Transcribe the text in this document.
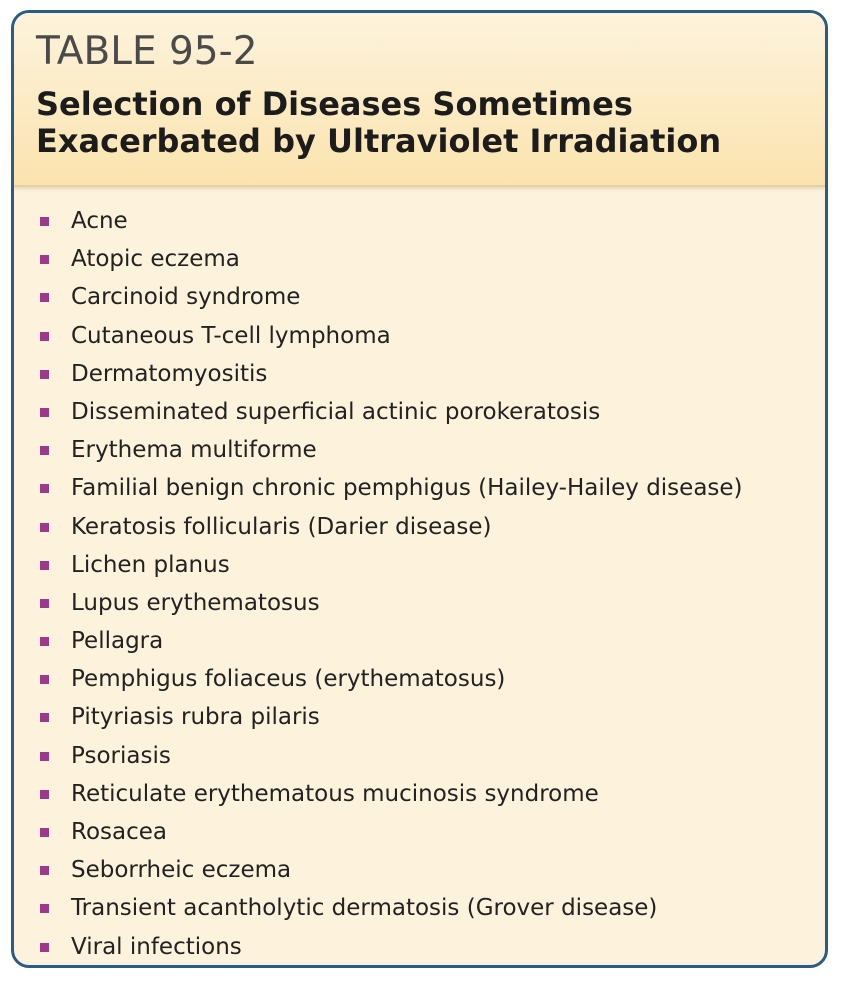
TABLE 95-2
Selection of Diseases Sometimes Exacerbated by Ultraviolet Irradiation
Acne
Atopic eczema
Carcinoid syndrome
Cutaneous T-cell lymphoma
Dermatomyositis
Disseminated superficial actinic porokeratosis
Erythema multiforme
Familial benign chronic pemphigus (Hailey-Hailey disease)
Keratosis follicularis (Darier disease)
Lichen planus
Lupus erythematosus
Pellagra
Pemphigus foliaceus (erythematosus)
Pityriasis rubra pilaris
Psoriasis
Reticulate erythematous mucinosis syndrome
Rosacea
Seborrheic eczema
Transient acantholytic dermatosis (Grover disease)
Viral infections
